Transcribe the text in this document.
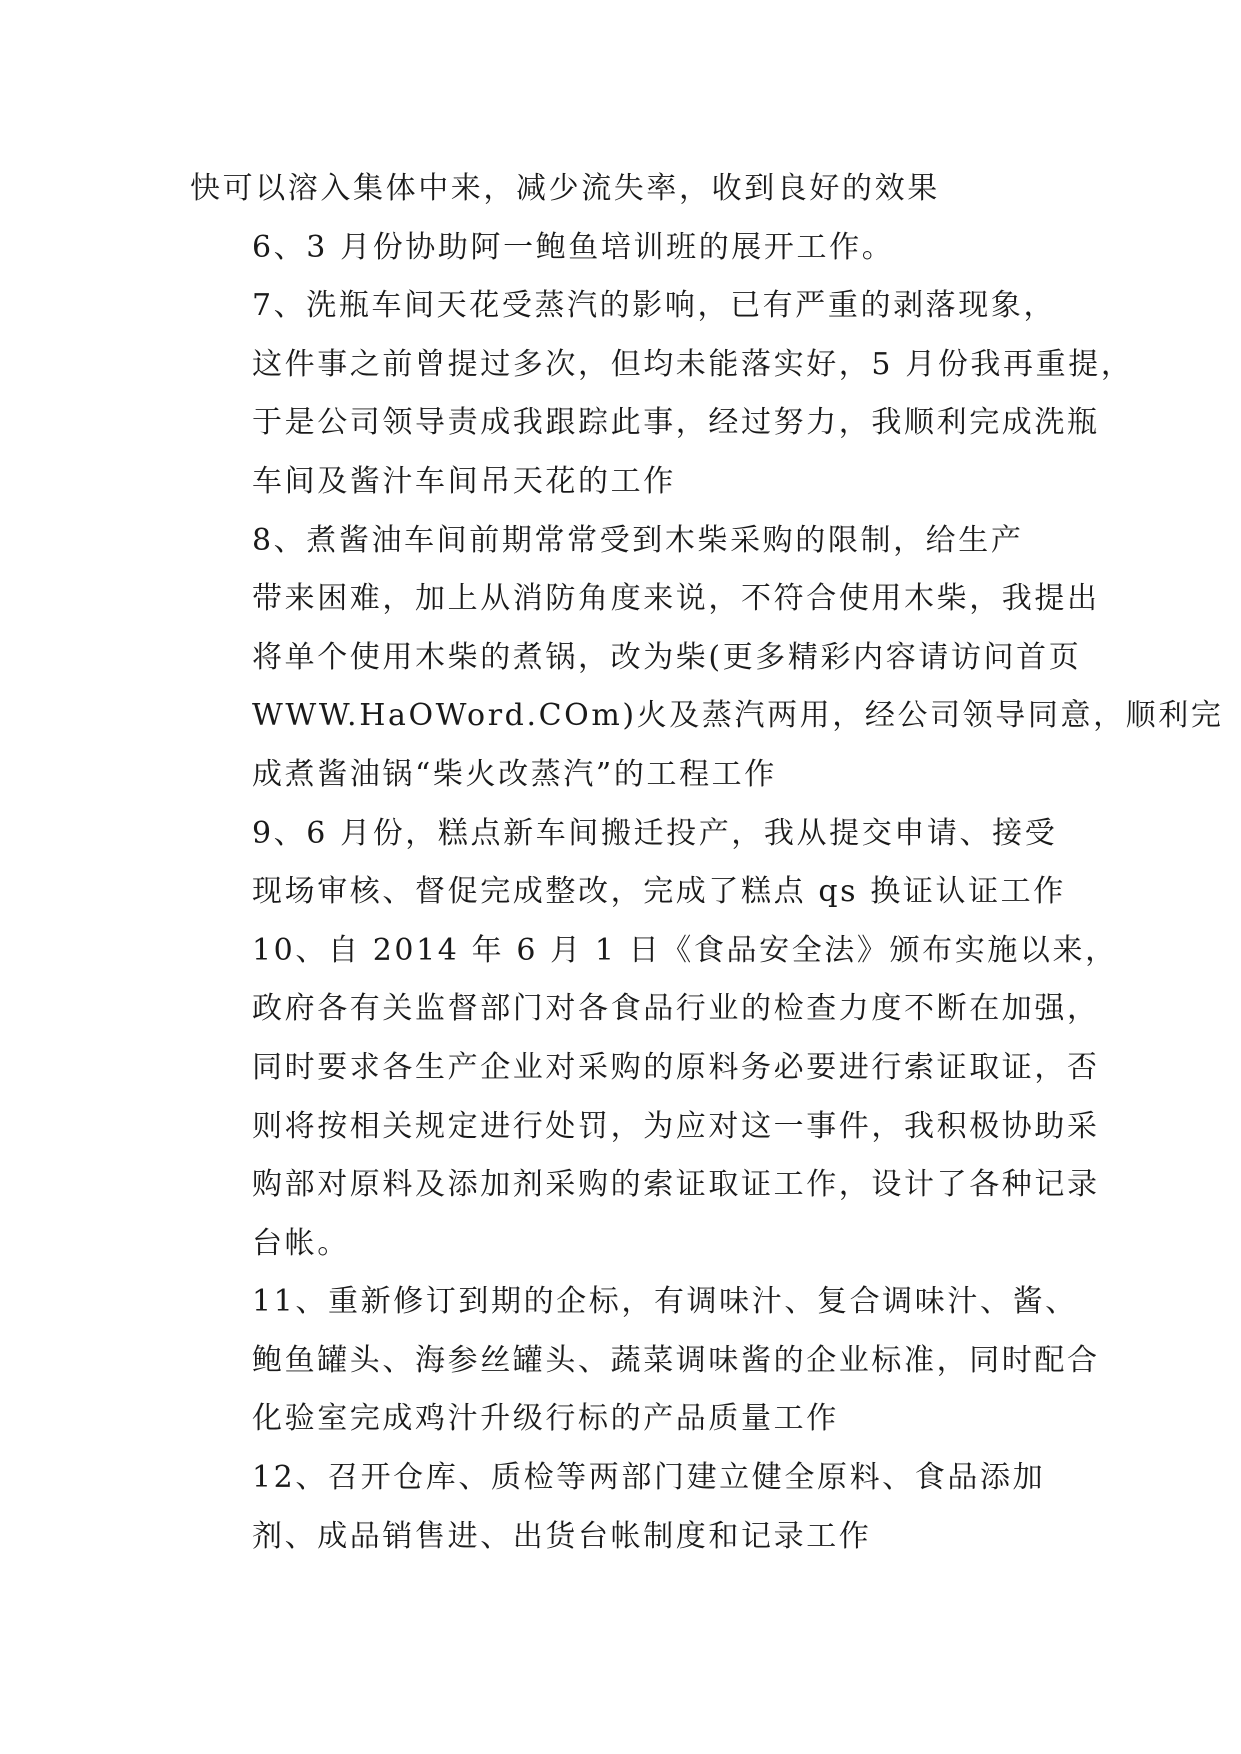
快可以溶入集体中来，减少流失率，收到良好的效果

6、3 月份协助阿一鲍鱼培训班的展开工作。

7、洗瓶车间天花受蒸汽的影响，已有严重的剥落现象，
这件事之前曾提过多次，但均未能落实好，5 月份我再重提，
于是公司领导责成我跟踪此事，经过努力，我顺利完成洗瓶
车间及酱汁车间吊天花的工作

8、煮酱油车间前期常常受到木柴采购的限制，给生产
带来困难，加上从消防角度来说，不符合使用木柴，我提出
将单个使用木柴的煮锅，改为柴(更多精彩内容请访问首页
WWW.HaOWord.COm)火及蒸汽两用，经公司领导同意，顺利完
成煮酱油锅“柴火改蒸汽”的工程工作

9、6 月份，糕点新车间搬迁投产，我从提交申请、接受
现场审核、督促完成整改，完成了糕点 qs 换证认证工作

10、自 2014 年 6 月 1 日《食品安全法》颁布实施以来，
政府各有关监督部门对各食品行业的检查力度不断在加强，
同时要求各生产企业对采购的原料务必要进行索证取证，否
则将按相关规定进行处罚，为应对这一事件，我积极协助采
购部对原料及添加剂采购的索证取证工作，设计了各种记录
台帐。

11、重新修订到期的企标，有调味汁、复合调味汁、酱、
鲍鱼罐头、海参丝罐头、蔬菜调味酱的企业标准，同时配合
化验室完成鸡汁升级行标的产品质量工作

12、召开仓库、质检等两部门建立健全原料、食品添加
剂、成品销售进、出货台帐制度和记录工作
